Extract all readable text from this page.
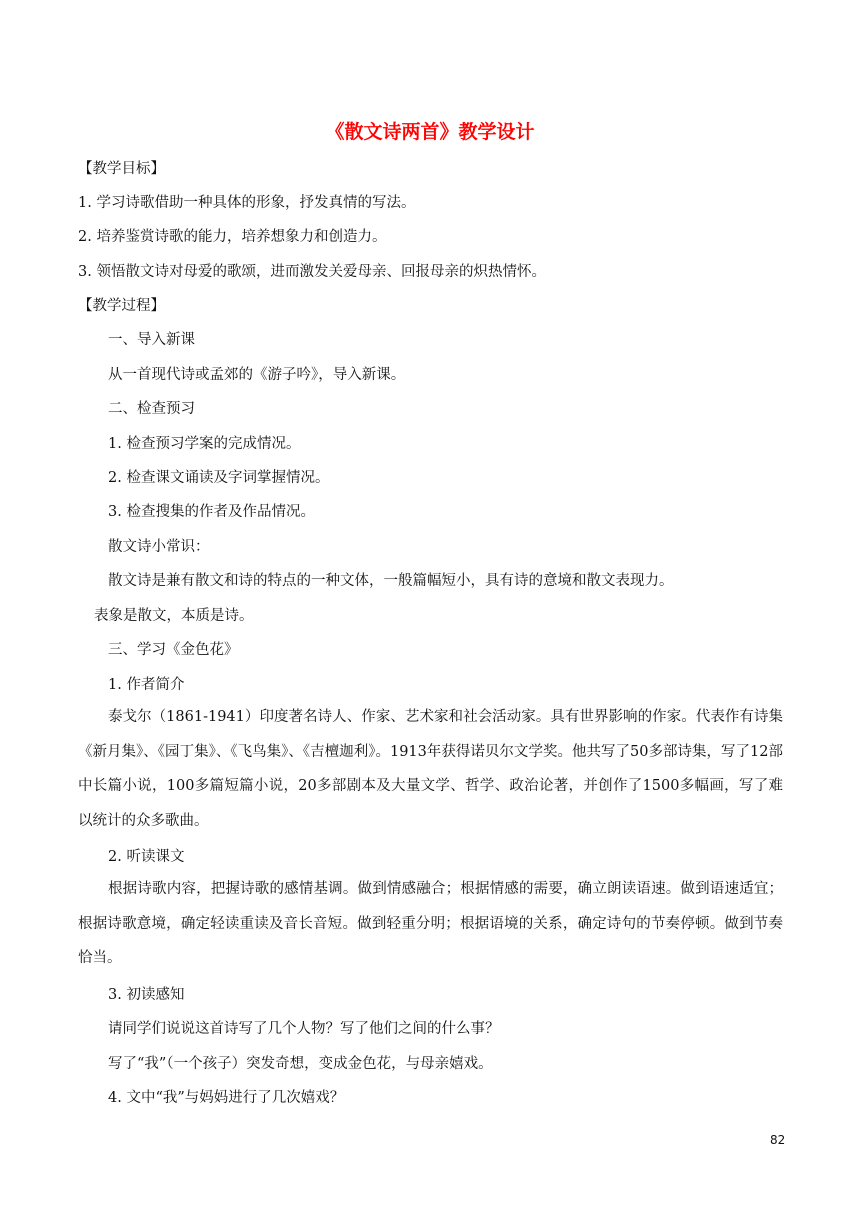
《散文诗两首》教学设计
【教学目标】
1. 学习诗歌借助一种具体的形象，抒发真情的写法。
2. 培养鉴赏诗歌的能力，培养想象力和创造力。
3. 领悟散文诗对母爱的歌颂，进而激发关爱母亲、回报母亲的炽热情怀。
【教学过程】
一、导入新课
从一首现代诗或孟郊的《游子吟》，导入新课。
二、检查预习
1. 检查预习学案的完成情况。
2. 检查课文诵读及字词掌握情况。
3. 检查搜集的作者及作品情况。
散文诗小常识：
散文诗是兼有散文和诗的特点的一种文体，一般篇幅短小，具有诗的意境和散文表现力。
表象是散文，本质是诗。
三、学习《金色花》
1. 作者简介
泰戈尔（1861-1941）印度著名诗人、作家、艺术家和社会活动家。具有世界影响的作家。代表作有诗集《新月集》、《园丁集》、《飞鸟集》、《吉檀迦利》。1913年获得诺贝尔文学奖。他共写了50多部诗集，写了12部中长篇小说，100多篇短篇小说，20多部剧本及大量文学、哲学、政治论著，并创作了1500多幅画，写了难以统计的众多歌曲。
2. 听读课文
根据诗歌内容，把握诗歌的感情基调。做到情感融合；根据情感的需要，确立朗读语速。做到语速适宜；根据诗歌意境，确定轻读重读及音长音短。做到轻重分明；根据语境的关系，确定诗句的节奏停顿。做到节奏恰当。
3. 初读感知
请同学们说说这首诗写了几个人物？写了他们之间的什么事？
写了“我”（一个孩子）突发奇想，变成金色花，与母亲嬉戏。
4. 文中“我”与妈妈进行了几次嬉戏？
82
